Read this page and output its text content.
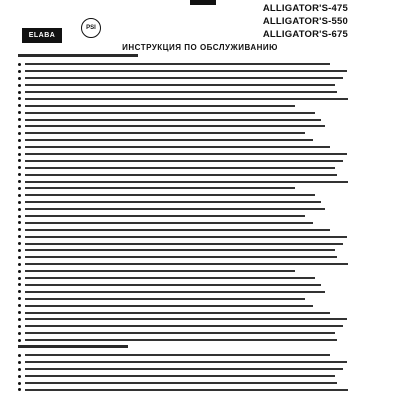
ELABA
PSI
ALLIGATOR'S-475
ALLIGATOR'S-550
ALLIGATOR'S-675
ИНСТРУКЦИЯ ПО ОБСЛУЖИВАНИЮ
